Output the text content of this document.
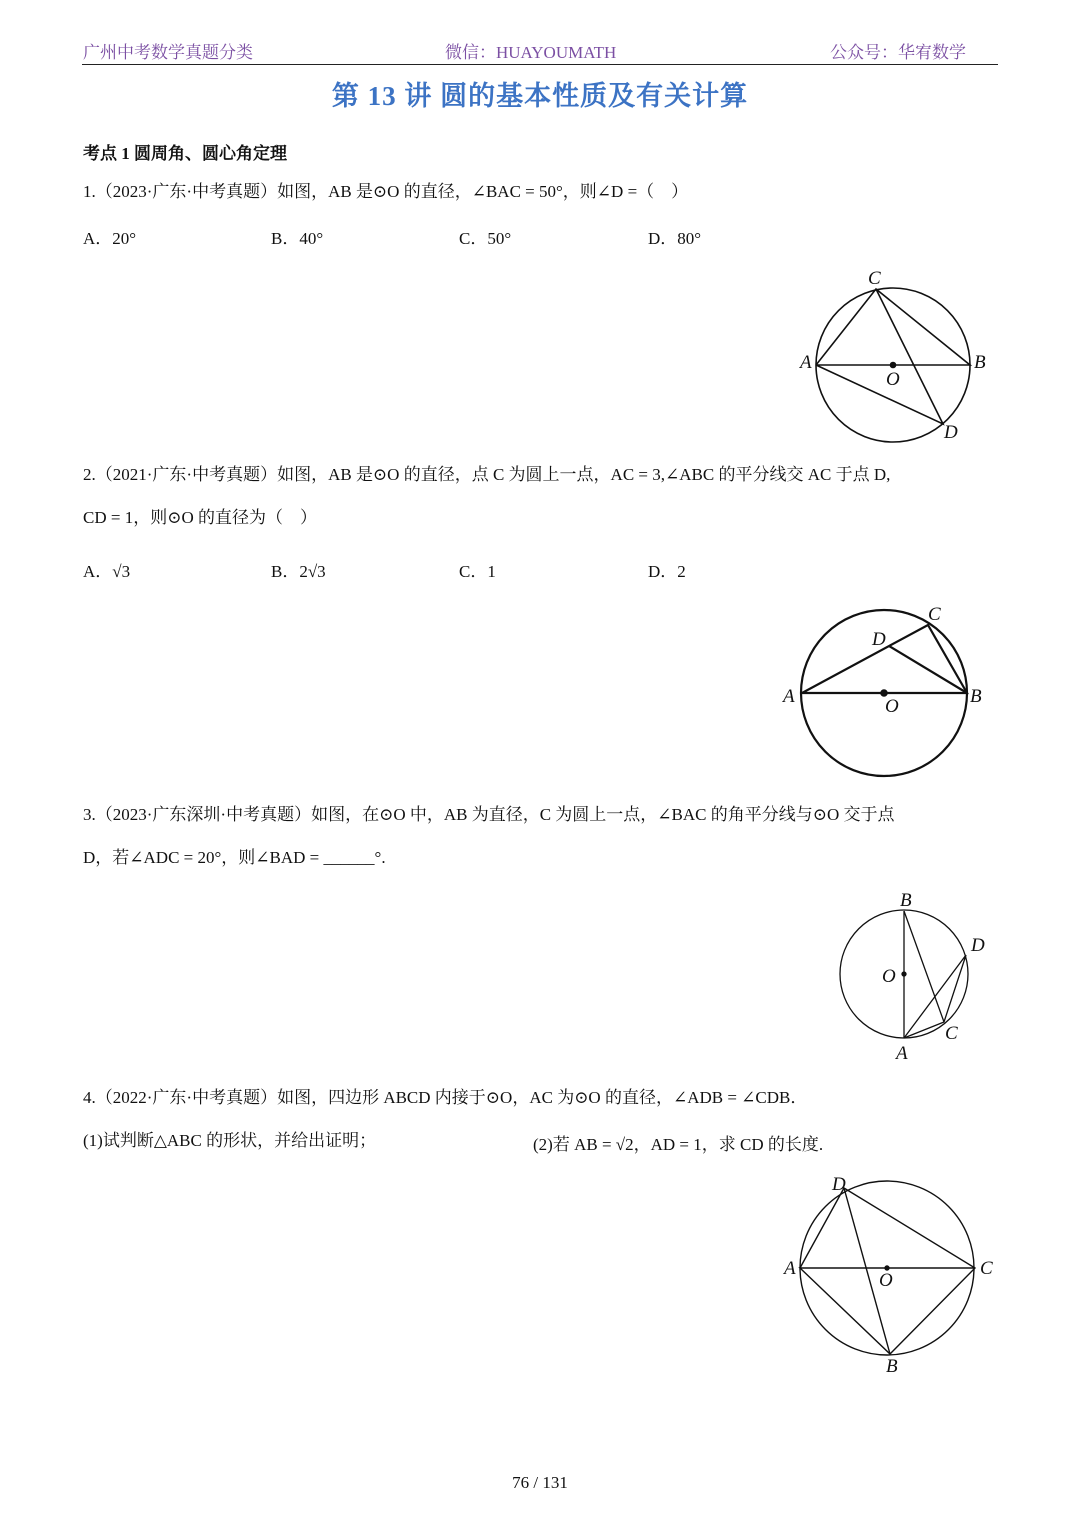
广州中考数学真题分类	微信：HUAYOUMATH	公众号：华宥数学
第 13 讲 圆的基本性质及有关计算
考点 1 圆周角、圆心角定理
1.（2023·广东·中考真题）如图，AB 是⊙O 的直径，∠BAC = 50°，则∠D =（　）
A．20°	B．40°	C．50°	D．80°
2.（2021·广东·中考真题）如图，AB 是⊙O 的直径，点 C 为圆上一点，AC = 3,∠ABC 的平分线交 AC 于点 D,
CD = 1，则⊙O 的直径为（　）
A．√3	B．2√3	C．1	D．2
3.（2023·广东深圳·中考真题）如图，在⊙O 中，AB 为直径，C 为圆上一点，∠BAC 的角平分线与⊙O 交于点
D，若∠ADC = 20°，则∠BAD = ______°.
4.（2022·广东·中考真题）如图，四边形 ABCD 内接于⊙O，AC 为⊙O 的直径，∠ADB = ∠CDB．
(1)试判断△ABC 的形状，并给出证明；	(2)若 AB = √2，AD = 1，求 CD 的长度.
C
A	B
O
D
C
D
A	B
O
B
D
O
C
A
D
A	C
O
B
76 / 131
